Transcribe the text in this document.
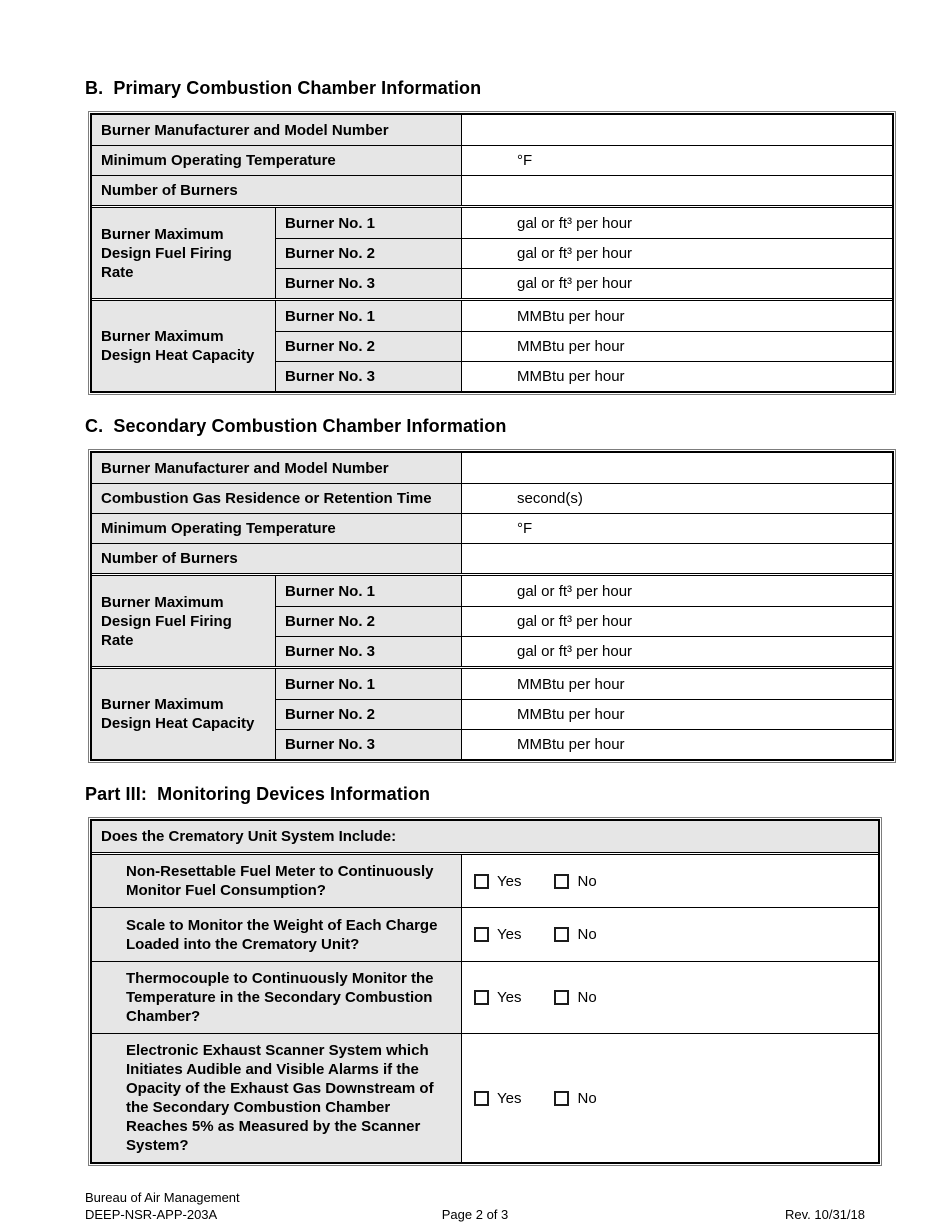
B.  Primary Combustion Chamber Information
Burner Manufacturer and Model Number
Minimum Operating Temperature	°F
Number of Burners
Burner Maximum Design Fuel Firing Rate
Burner No. 1	gal or ft³ per hour
Burner No. 2	gal or ft³ per hour
Burner No. 3	gal or ft³ per hour
Burner Maximum Design Heat Capacity
Burner No. 1	MMBtu per hour
Burner No. 2	MMBtu per hour
Burner No. 3	MMBtu per hour
C.  Secondary Combustion Chamber Information
Burner Manufacturer and Model Number
Combustion Gas Residence or Retention Time	second(s)
Minimum Operating Temperature	°F
Number of Burners
Burner Maximum Design Fuel Firing Rate
Burner No. 1	gal or ft³ per hour
Burner No. 2	gal or ft³ per hour
Burner No. 3	gal or ft³ per hour
Burner Maximum Design Heat Capacity
Burner No. 1	MMBtu per hour
Burner No. 2	MMBtu per hour
Burner No. 3	MMBtu per hour
Part III:  Monitoring Devices Information
Does the Crematory Unit System Include:
Non-Resettable Fuel Meter to Continuously Monitor Fuel Consumption?
Yes	No
Scale to Monitor the Weight of Each Charge Loaded into the Crematory Unit?
Yes	No
Thermocouple to Continuously Monitor the Temperature in the Secondary Combustion Chamber?
Yes	No
Electronic Exhaust Scanner System which Initiates Audible and Visible Alarms if the Opacity of the Exhaust Gas Downstream of the Secondary Combustion Chamber Reaches 5% as Measured by the Scanner System?
Yes	No
Bureau of Air Management
DEEP-NSR-APP-203A	Page 2 of 3	Rev. 10/31/18
